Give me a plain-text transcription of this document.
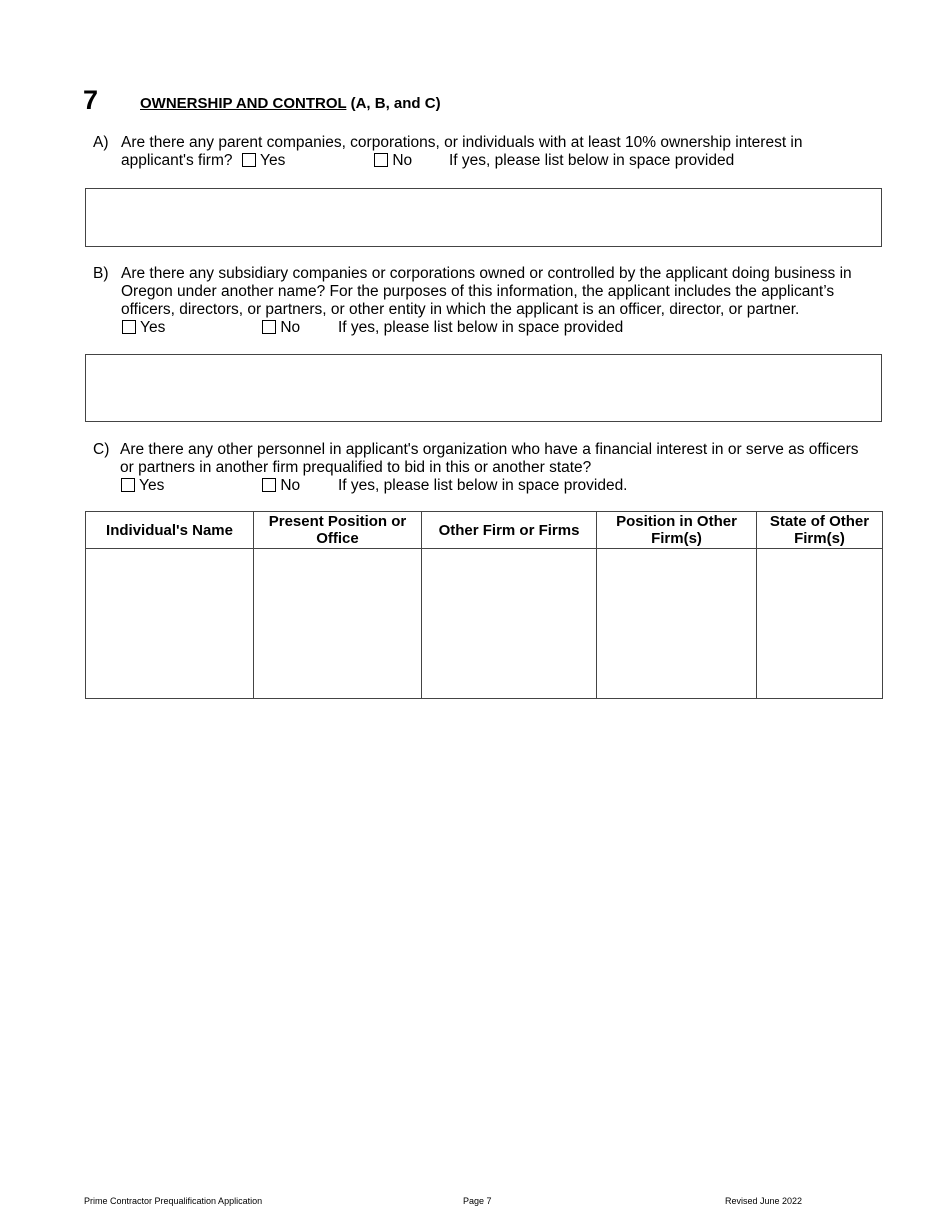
7	OWNERSHIP AND CONTROL (A, B, and C)
A) Are there any parent companies, corporations, or individuals with at least 10% ownership interest in
applicant's firm?	Yes	No If yes, please list below in space provided
B) Are there any subsidiary companies or corporations owned or controlled by the applicant doing business in
Oregon under another name? For the purposes of this information, the applicant includes the applicant’s
officers, directors, or partners, or other entity in which the applicant is an officer, director, or partner.
Yes	No If yes, please list below in space provided
C) Are there any other personnel in applicant's organization who have a financial interest in or serve as officers
or partners in another firm prequalified to bid in this or another state?
Yes	No If yes, please list below in space provided.
Individual's Name	Present Position or Office	Other Firm or Firms	Position in Other Firm(s)	State of Other Firm(s)

Prime Contractor Prequalification Application	Page 7	Revised June 2022
